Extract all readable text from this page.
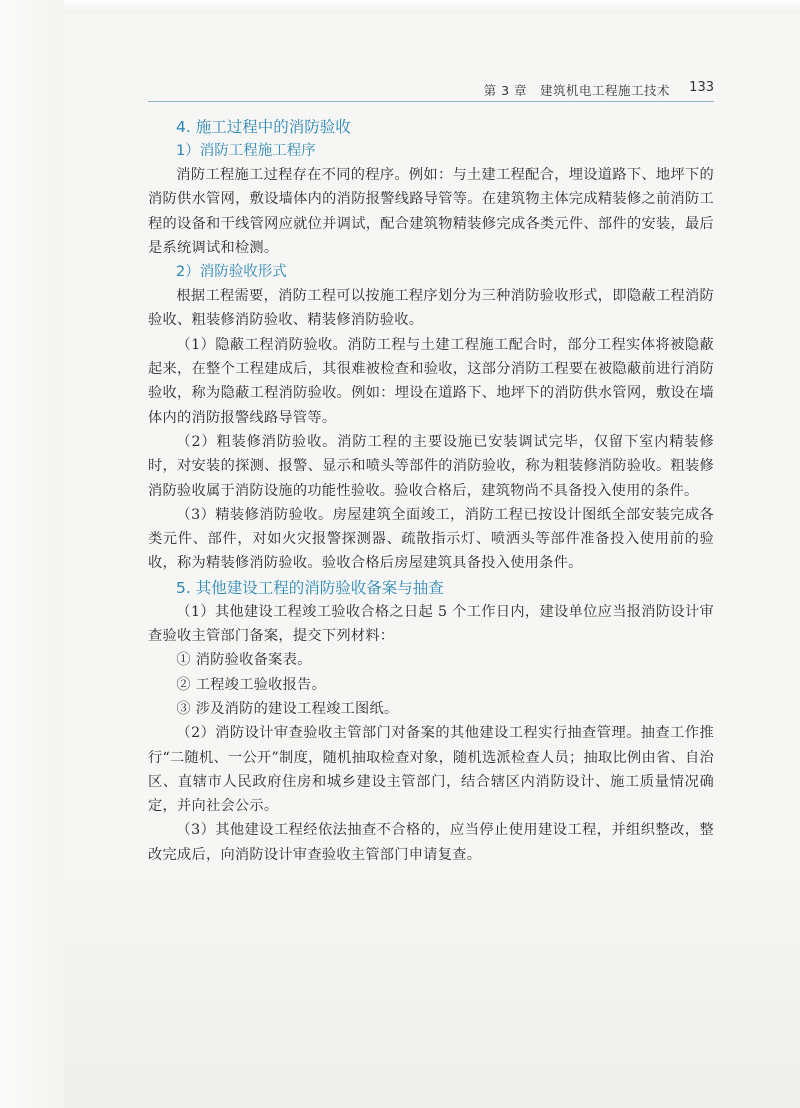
第 3 章　建筑机电工程施工技术 133
4. 施工过程中的消防验收
1）消防工程施工程序

消防工程施工过程存在不同的程序。例如：与土建工程配合，埋设道路下、地坪下的消防供水管网，敷设墙体内的消防报警线路导管等。在建筑物主体完成精装修之前消防工程的设备和干线管网应就位并调试，配合建筑物精装修完成各类元件、部件的安装，最后是系统调试和检测。

2）消防验收形式

根据工程需要，消防工程可以按施工程序划分为三种消防验收形式，即隐蔽工程消防验收、粗装修消防验收、精装修消防验收。

（1）隐蔽工程消防验收。消防工程与土建工程施工配合时，部分工程实体将被隐蔽起来，在整个工程建成后，其很难被检查和验收，这部分消防工程要在被隐蔽前进行消防验收，称为隐蔽工程消防验收。例如：埋设在道路下、地坪下的消防供水管网，敷设在墙体内的消防报警线路导管等。

（2）粗装修消防验收。消防工程的主要设施已安装调试完毕，仅留下室内精装修时，对安装的探测、报警、显示和喷头等部件的消防验收，称为粗装修消防验收。粗装修消防验收属于消防设施的功能性验收。验收合格后，建筑物尚不具备投入使用的条件。

（3）精装修消防验收。房屋建筑全面竣工，消防工程已按设计图纸全部安装完成各类元件、部件，对如火灾报警探测器、疏散指示灯、喷洒头等部件准备投入使用前的验收，称为精装修消防验收。验收合格后房屋建筑具备投入使用条件。

5. 其他建设工程的消防验收备案与抽查

（1）其他建设工程竣工验收合格之日起 5 个工作日内，建设单位应当报消防设计审查验收主管部门备案，提交下列材料：

① 消防验收备案表。

② 工程竣工验收报告。

③ 涉及消防的建设工程竣工图纸。

（2）消防设计审查验收主管部门对备案的其他建设工程实行抽查管理。抽查工作推行“二随机、一公开”制度，随机抽取检查对象，随机选派检查人员；抽取比例由省、自治区、直辖市人民政府住房和城乡建设主管部门，结合辖区内消防设计、施工质量情况确定，并向社会公示。

（3）其他建设工程经依法抽查不合格的，应当停止使用建设工程，并组织整改，整改完成后，向消防设计审查验收主管部门申请复查。
